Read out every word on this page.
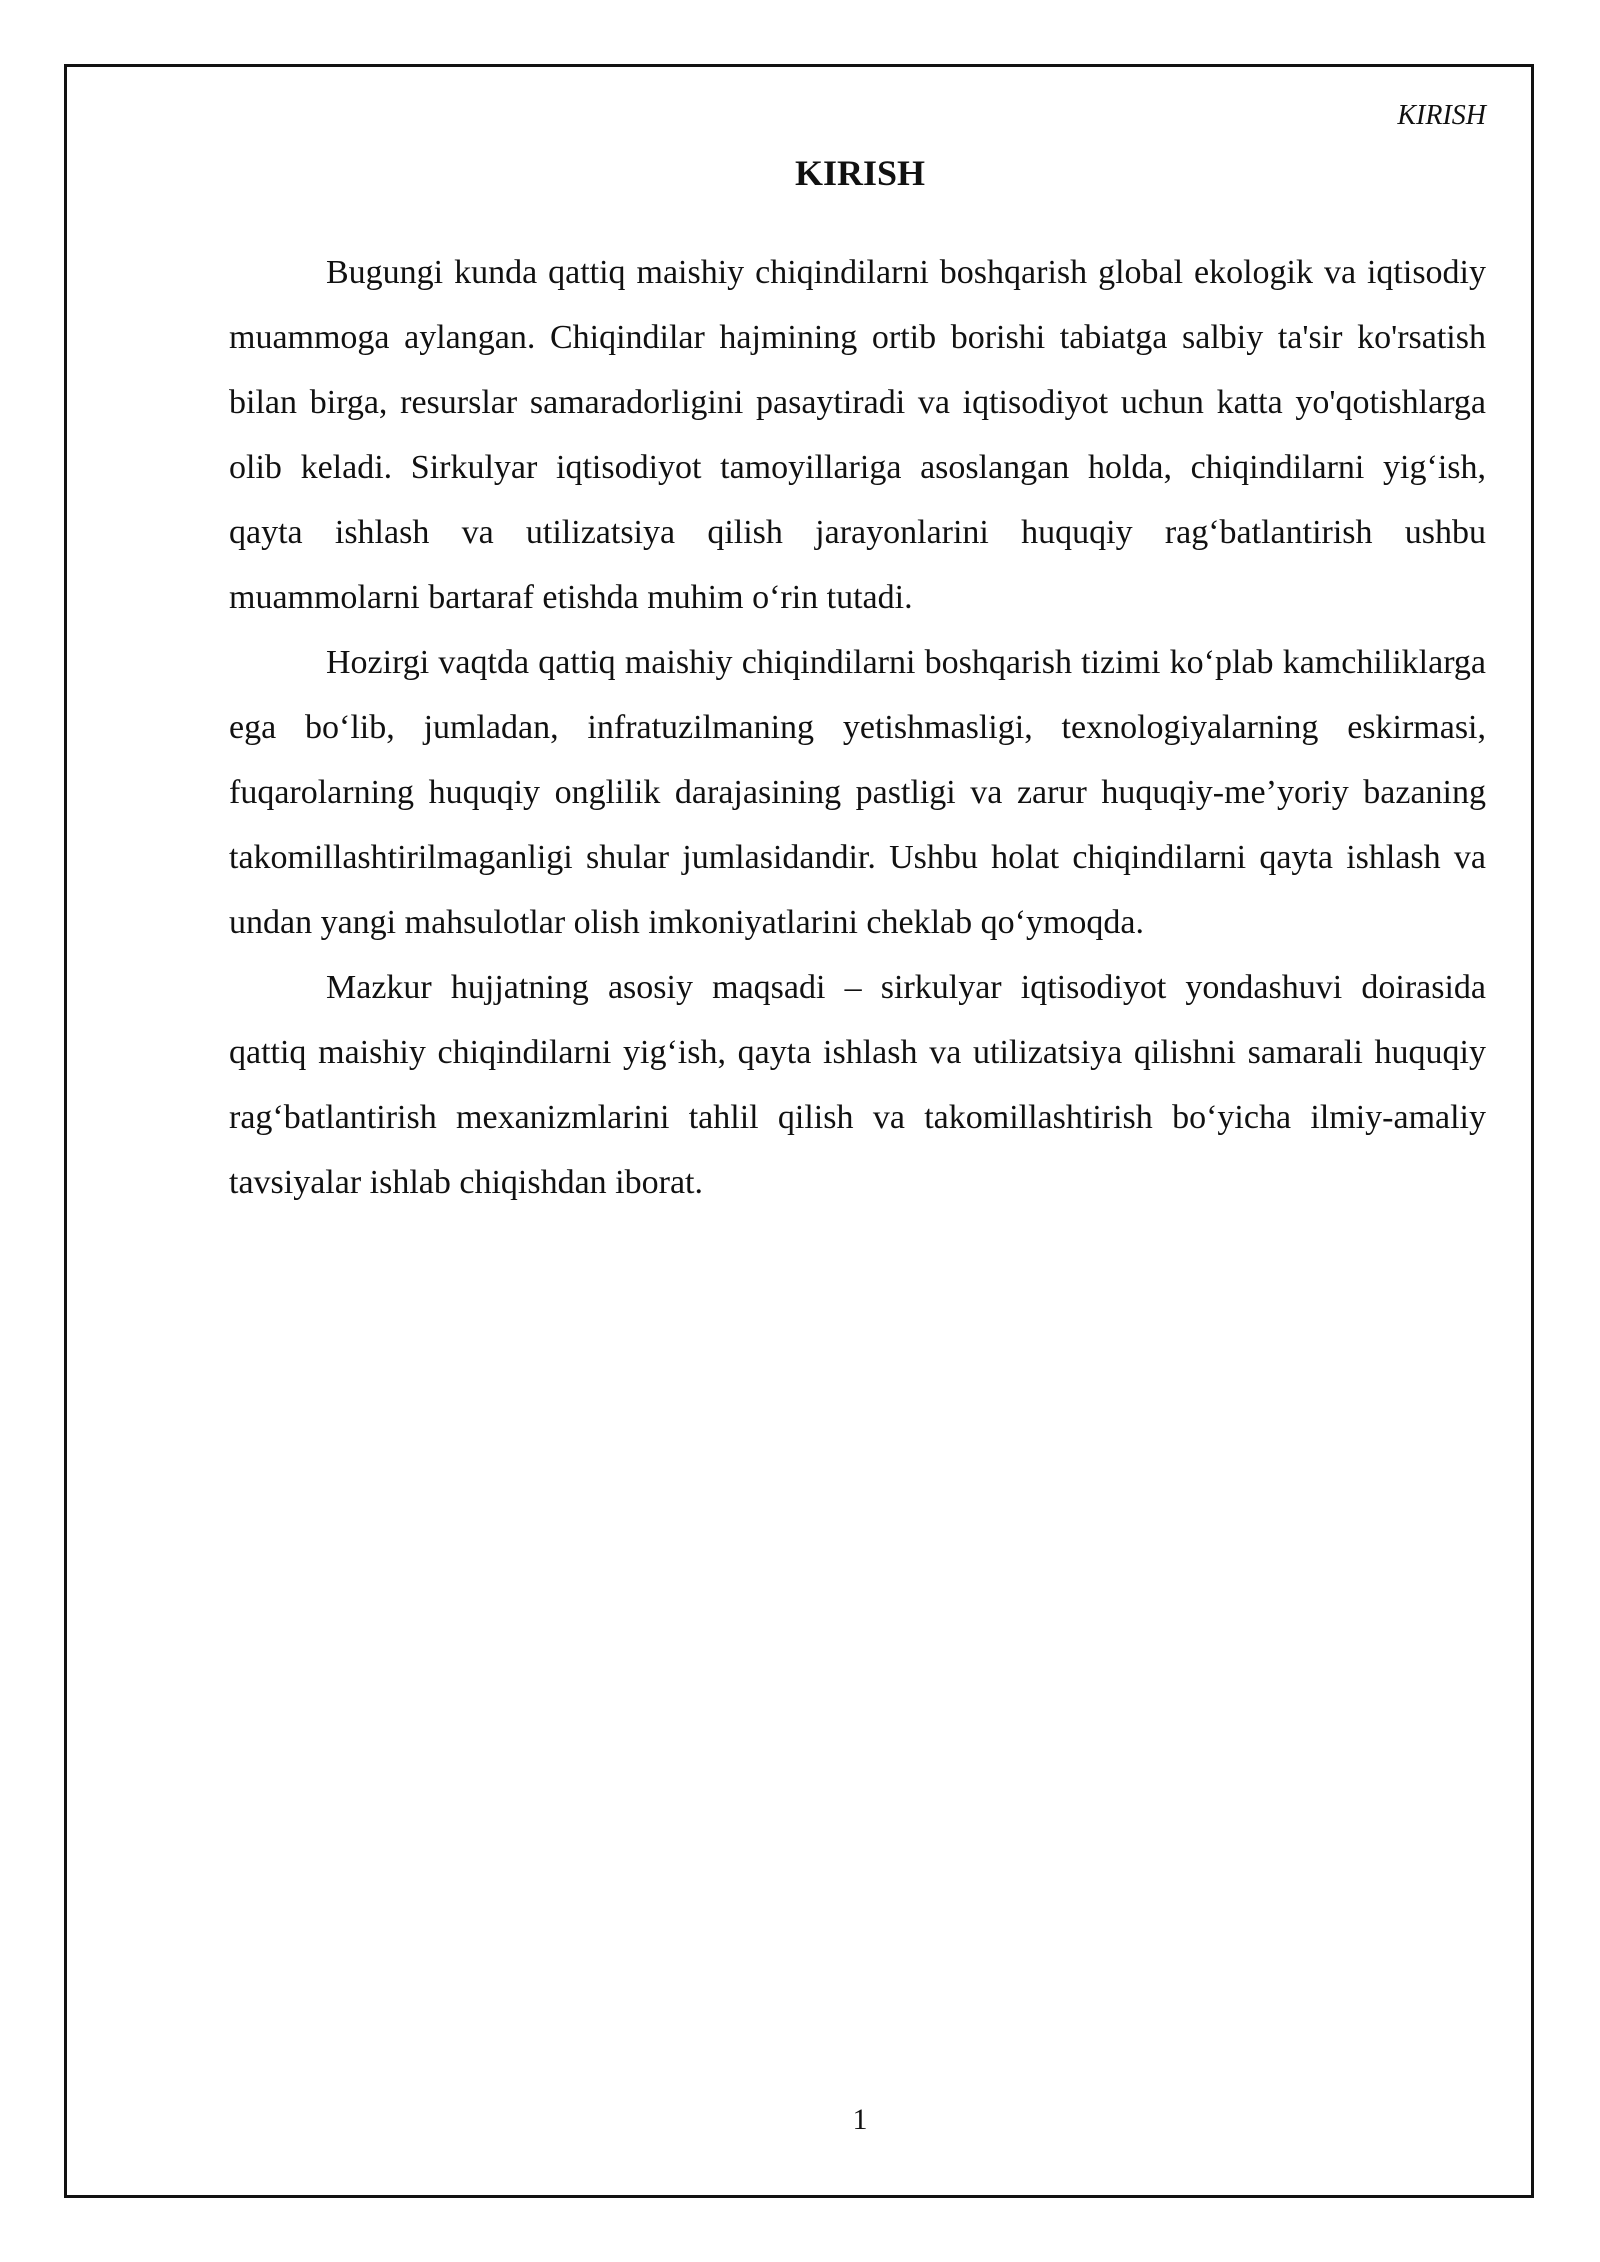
KIRISH
KIRISH

Bugungi kunda qattiq maishiy chiqindilarni boshqarish global ekologik va iqtisodiy muammoga aylangan. Chiqindilar hajmining ortib borishi tabiatga salbiy ta'sir ko'rsatish bilan birga, resurslar samaradorligini pasaytiradi va iqtisodiyot uchun katta yo'qotishlarga olib keladi. Sirkulyar iqtisodiyot tamoyillariga asoslangan holda, chiqindilarni yig‘ish, qayta ishlash va utilizatsiya qilish jarayonlarini huquqiy rag‘batlantirish ushbu muammolarni bartaraf etishda muhim o‘rin tutadi.

Hozirgi vaqtda qattiq maishiy chiqindilarni boshqarish tizimi ko‘plab kamchiliklarga ega bo‘lib, jumladan, infratuzilmaning yetishmasligi, texnologiyalarning eskirmasi, fuqarolarning huquqiy onglilik darajasining pastligi va zarur huquqiy-me’yoriy bazaning takomillashtirilmaganligi shular jumlasidandir. Ushbu holat chiqindilarni qayta ishlash va undan yangi mahsulotlar olish imkoniyatlarini cheklab qo‘ymoqda.

Mazkur hujjatning asosiy maqsadi – sirkulyar iqtisodiyot yondashuvi doirasida qattiq maishiy chiqindilarni yig‘ish, qayta ishlash va utilizatsiya qilishni samarali huquqiy rag‘batlantirish mexanizmlarini tahlil qilish va takomillashtirish bo‘yicha ilmiy-amaliy tavsiyalar ishlab chiqishdan iborat.

1
